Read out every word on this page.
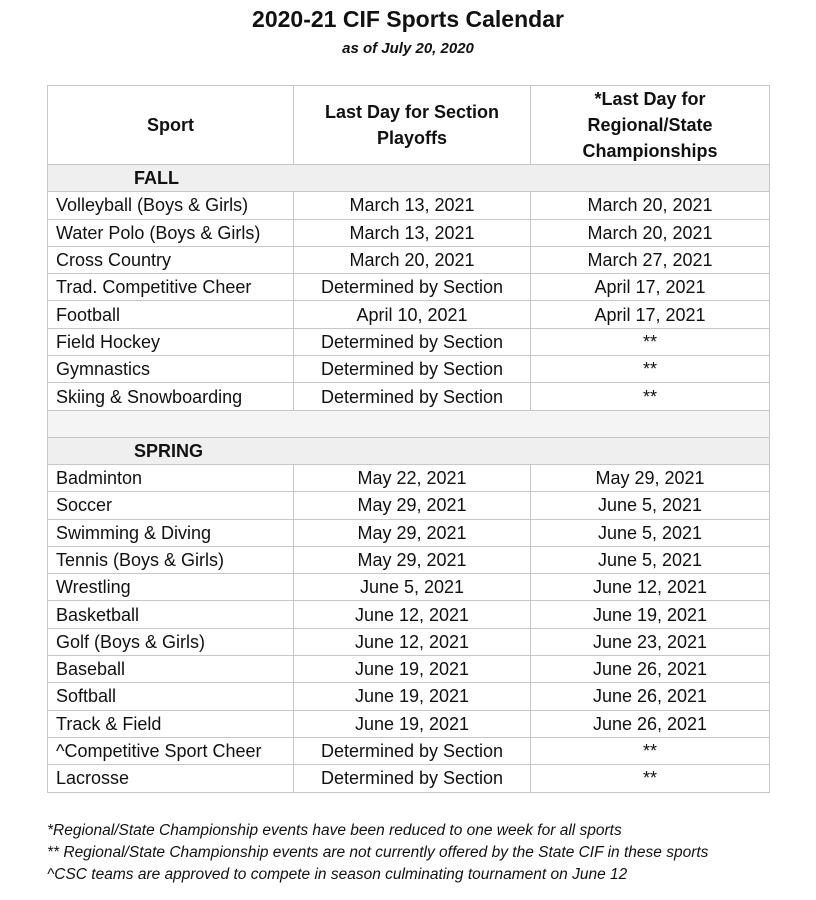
2020-21 CIF Sports Calendar
as of July 20, 2020
Sport	Last Day for Section Playoffs	*Last Day for Regional/State Championships
FALL		
Volleyball (Boys & Girls)	March 13, 2021	March 20, 2021
Water Polo (Boys & Girls)	March 13, 2021	March 20, 2021
Cross Country	March 20, 2021	March 27, 2021
Trad. Competitive Cheer	Determined by Section	April 17, 2021
Football	April 10, 2021	April 17, 2021
Field Hockey	Determined by Section	**
Gymnastics	Determined by Section	**
Skiing & Snowboarding	Determined by Section	**

SPRING		
Badminton	May 22, 2021	May 29, 2021
Soccer	May 29, 2021	June 5, 2021
Swimming & Diving	May 29, 2021	June 5, 2021
Tennis (Boys & Girls)	May 29, 2021	June 5, 2021
Wrestling	June 5, 2021	June 12, 2021
Basketball	June 12, 2021	June 19, 2021
Golf (Boys & Girls)	June 12, 2021	June 23, 2021
Baseball	June 19, 2021	June 26, 2021
Softball	June 19, 2021	June 26, 2021
Track & Field	June 19, 2021	June 26, 2021
^Competitive Sport Cheer	Determined by Section	**
Lacrosse	Determined by Section	**
*Regional/State Championship events have been reduced to one week for all sports
** Regional/State Championship events are not currently offered by the State CIF in these sports
^CSC teams are approved to compete in season culminating tournament on June 12
